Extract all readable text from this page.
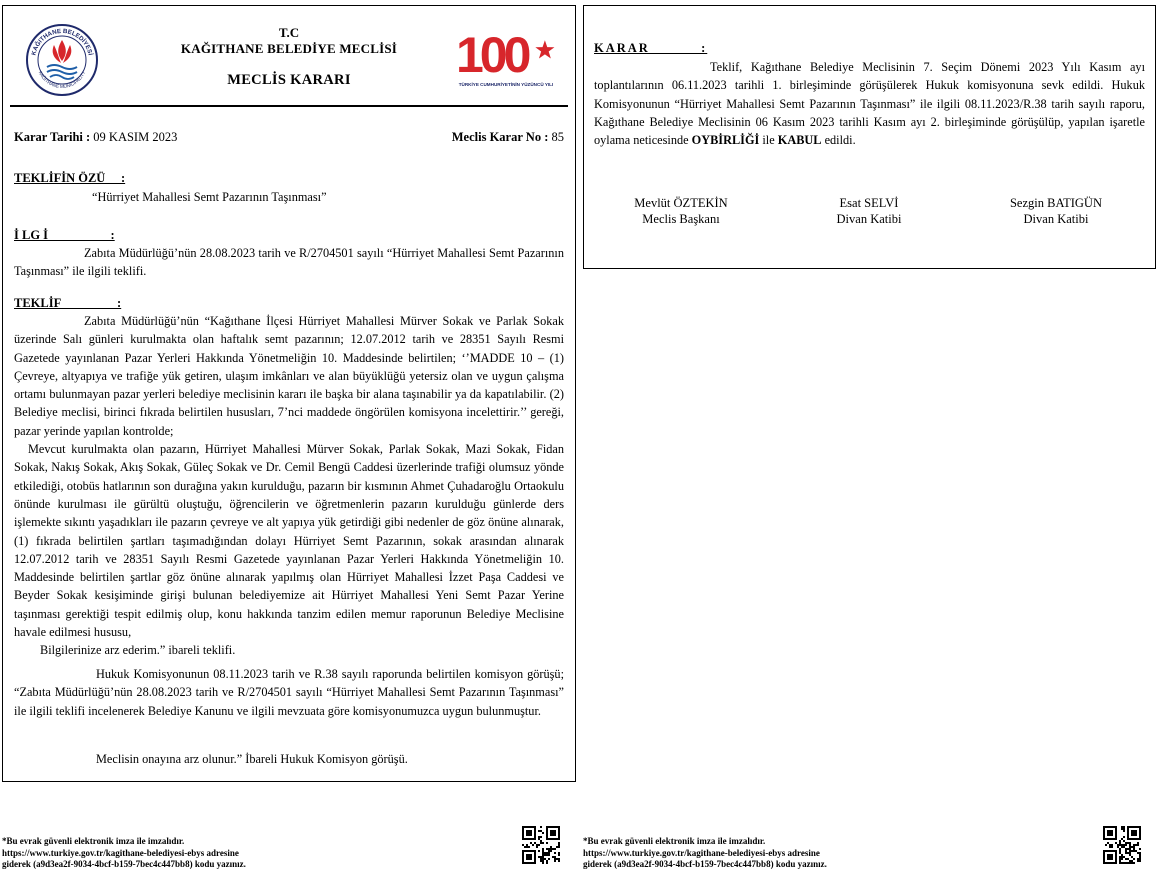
KAĞITHANE BELEDİYESİ
KAĞITHANE MUNICIPALITY	100
TÜRKİYE CUMHURİYETİNİN YÜZÜNCÜ YILI
T.C
KAĞITHANE BELEDİYE MECLİSİ
MECLİS KARARI
Karar Tarihi : 09 KASIM 2023	Meclis Karar No : 85
TEKLİFİN ÖZÜ     :

“Hürriyet Mahallesi Semt Pazarının Taşınması”

İ LG İ                    :

Zabıta Müdürlüğü’nün 28.08.2023 tarih ve R/2704501 sayılı “Hürriyet Mahallesi Semt Pazarının Taşınması” ile ilgili teklifi.

TEKLİF                  :

Zabıta Müdürlüğü’nün “Kağıthane İlçesi Hürriyet Mahallesi Mürver Sokak ve Parlak Sokak üzerinde Salı günleri kurulmakta olan haftalık semt pazarının; 12.07.2012 tarih ve 28351 Sayılı Resmi Gazetede yayınlanan Pazar Yerleri Hakkında Yönetmeliğin 10. Maddesinde belirtilen; ‘’MADDE 10 – (1) Çevreye, altyapıya ve trafiğe yük getiren, ulaşım imkânları ve alan büyüklüğü yetersiz olan ve uygun çalışma ortamı bulunmayan pazar yerleri belediye meclisinin kararı ile başka bir alana taşınabilir ya da kapatılabilir. (2) Belediye meclisi, birinci fıkrada belirtilen hususları, 7’nci maddede öngörülen komisyona incelettirir.’’ gereği, pazar yerinde yapılan kontrolde;

Mevcut kurulmakta olan pazarın, Hürriyet Mahallesi Mürver Sokak, Parlak Sokak, Mazi Sokak, Fidan Sokak, Nakış Sokak, Akış Sokak, Güleç Sokak ve Dr. Cemil Bengü Caddesi üzerlerinde trafiği olumsuz yönde etkilediği, otobüs hatlarının son durağına yakın kurulduğu, pazarın bir kısmının Ahmet Çuhadaroğlu Ortaokulu önünde kurulması ile gürültü oluştuğu, öğrencilerin ve öğretmenlerin pazarın kurulduğu günlerde ders işlemekte sıkıntı yaşadıkları ile pazarın çevreye ve alt yapıya yük getirdiği gibi nedenler de göz önüne alınarak, (1) fıkrada belirtilen şartları taşımadığından dolayı Hürriyet Semt Pazarının, sokak arasından alınarak 12.07.2012 tarih ve 28351 Sayılı Resmi Gazetede yayınlanan Pazar Yerleri Hakkında Yönetmeliğin 10. Maddesinde belirtilen şartlar göz önüne alınarak yapılmış olan Hürriyet Mahallesi İzzet Paşa Caddesi ve Beyder Sokak kesişiminde girişi bulunan belediyemize ait Hürriyet Mahallesi Yeni Semt Pazar Yerine taşınması gerektiği tespit edilmiş olup, konu hakkında tanzim edilen memur raporunun Belediye Meclisine havale edilmesi hususu,

Bilgilerinize arz ederim.” ibareli teklifi.

Hukuk Komisyonunun 08.11.2023 tarih ve R.38 sayılı raporunda belirtilen komisyon görüşü; “Zabıta Müdürlüğü’nün 28.08.2023 tarih ve R/2704501 sayılı “Hürriyet Mahallesi Semt Pazarının Taşınması” ile ilgili teklifi incelenerek Belediye Kanunu ve ilgili mevzuata göre komisyonumuzca uygun bulunmuştur.

Meclisin onayına arz olunur.” İbareli Hukuk Komisyon görüşü.

KARAR          :

Teklif, Kağıthane Belediye Meclisinin 7. Seçim Dönemi 2023 Yılı Kasım ayı toplantılarının 06.11.2023 tarihli 1. birleşiminde görüşülerek Hukuk komisyonuna sevk edildi. Hukuk Komisyonunun “Hürriyet Mahallesi Semt Pazarının Taşınması” ile ilgili 08.11.2023/R.38 tarih sayılı raporu, Kağıthane Belediye Meclisinin 06 Kasım 2023 tarihli Kasım ayı 2. birleşiminde görüşülüp, yapılan işaretle oylama neticesinde OYBİRLİĞİ ile KABUL edildi.

Mevlüt ÖZTEKİN
Meclis Başkanı
Esat SELVİ
Divan Katibi
Sezgin BATIGÜN
Divan Katibi
*Bu evrak güvenli elektronik imza ile imzalıdır.
https://www.turkiye.gov.tr/kagithane-belediyesi-ebys adresine
giderek (a9d3ea2f-9034-4bcf-b159-7bec4c447bb8) kodu yazınız.
*Bu evrak güvenli elektronik imza ile imzalıdır.
https://www.turkiye.gov.tr/kagithane-belediyesi-ebys adresine
giderek (a9d3ea2f-9034-4bcf-b159-7bec4c447bb8) kodu yazınız.
